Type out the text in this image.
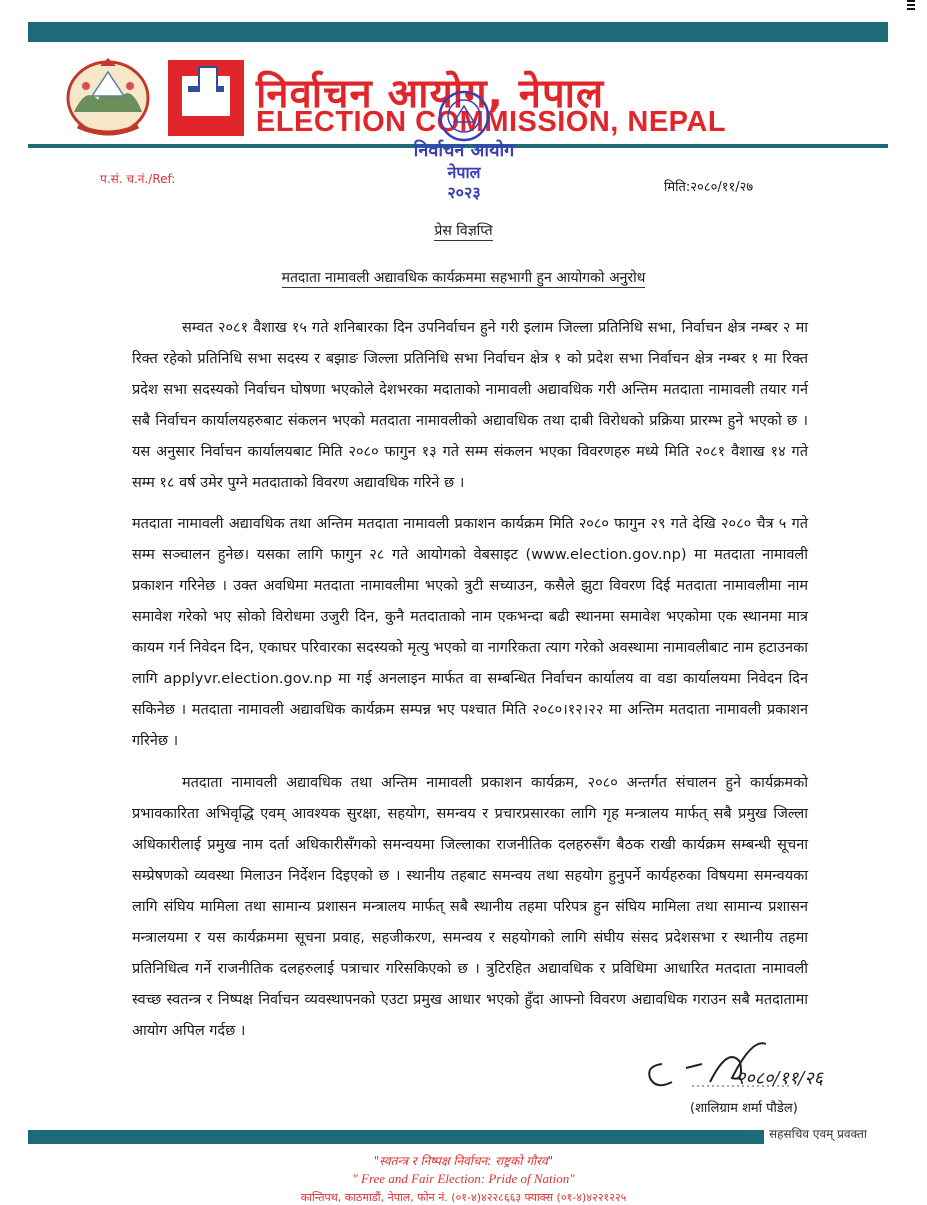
निर्वाचन आयोग, नेपाल
ELECTION COMMISSION, NEPAL
निर्वाचन आयोग
नेपाल
२०२३
प.सं. च.नं./Ref:
मिति:२०८०/११/२७
प्रेस विज्ञप्ति
मतदाता नामावली अद्यावधिक कार्यक्रममा सहभागी हुन आयोगको अनुरोध
सम्वत २०८१ वैशाख १५ गते शनिबारका दिन उपनिर्वाचन हुने गरी इलाम जिल्ला प्रतिनिधि सभा, निर्वाचन क्षेत्र नम्बर २ मा रिक्त रहेको प्रतिनिधि सभा सदस्य र बझाङ जिल्ला प्रतिनिधि सभा निर्वाचन क्षेत्र १ को प्रदेश सभा निर्वाचन क्षेत्र नम्बर १ मा रिक्त प्रदेश सभा सदस्यको निर्वाचन घोषणा भएकोले देशभरका मदाताको नामावली अद्यावधिक गरी अन्तिम मतदाता नामावली तयार गर्न सबै निर्वाचन कार्यालयहरुबाट संकलन भएको मतदाता नामावलीको अद्यावधिक तथा दाबी विरोधको प्रक्रिया प्रारम्भ हुने भएको छ । यस अनुसार निर्वाचन कार्यालयबाट मिति २०८० फागुन १३ गते सम्म संकलन भएका विवरणहरु मध्ये मिति २०८१ वैशाख १४ गते सम्म १८ वर्ष उमेर पुग्ने मतदाताको विवरण अद्यावधिक गरिने छ ।
मतदाता नामावली अद्यावधिक तथा अन्तिम मतदाता नामावली प्रकाशन कार्यक्रम मिति २०८० फागुन २९ गते देखि २०८० चैत्र ५ गते सम्म सञ्चालन हुनेछ। यसका लागि फागुन २८ गते आयोगको वेबसाइट (www.election.gov.np) मा मतदाता नामावली प्रकाशन गरिनेछ । उक्त अवधिमा मतदाता नामावलीमा भएको त्रुटी सच्याउन, कसैले झुटा विवरण दिई मतदाता नामावलीमा नाम समावेश गरेको भए सोको विरोधमा उजुरी दिन, कुनै मतदाताको नाम एकभन्दा बढी स्थानमा समावेश भएकोमा एक स्थानमा मात्र कायम गर्न निवेदन दिन, एकाघर परिवारका सदस्यको मृत्यु भएको वा नागरिकता त्याग गरेको अवस्थामा नामावलीबाट नाम हटाउनका लागि applyvr.election.gov.np मा गई अनलाइन मार्फत वा सम्बन्धित निर्वाचन कार्यालय वा वडा कार्यालयमा निवेदन दिन सकिनेछ । मतदाता नामावली अद्यावधिक कार्यक्रम सम्पन्न भए पश्चात मिति २०८०।१२।२२ मा अन्तिम मतदाता नामावली प्रकाशन गरिनेछ ।
मतदाता नामावली अद्यावधिक तथा अन्तिम नामावली प्रकाशन कार्यक्रम, २०८० अन्तर्गत संचालन हुने कार्यक्रमको प्रभावकारिता अभिवृद्धि एवम् आवश्यक सुरक्षा, सहयोग, समन्वय र प्रचारप्रसारका लागि गृह मन्त्रालय मार्फत् सबै प्रमुख जिल्ला अधिकारीलाई प्रमुख नाम दर्ता अधिकारीसँगको समन्वयमा जिल्लाका राजनीतिक दलहरुसँग बैठक राखी कार्यक्रम सम्बन्धी सूचना सम्प्रेषणको व्यवस्था मिलाउन निर्देशन दिइएको छ । स्थानीय तहबाट समन्वय तथा सहयोग हुनुपर्ने कार्यहरुका विषयमा समन्वयका लागि संघिय मामिला तथा सामान्य प्रशासन मन्त्रालय मार्फत् सबै स्थानीय तहमा परिपत्र हुन संघिय मामिला तथा सामान्य प्रशासन मन्त्रालयमा र यस कार्यक्रममा सूचना प्रवाह, सहजीकरण, समन्वय र सहयोगको लागि संघीय संसद प्रदेशसभा र स्थानीय तहमा प्रतिनिधित्व गर्ने राजनीतिक दलहरुलाई पत्राचार गरिसकिएको छ । त्रुटिरहित अद्यावधिक र प्रविधिमा आधारित मतदाता नामावली स्वच्छ स्वतन्त्र र निष्पक्ष निर्वाचन व्यवस्थापनको एउटा प्रमुख आधार भएको हुँदा आफ्नो विवरण अद्यावधिक गराउन सबै मतदातामा आयोग अपिल गर्दछ ।
२०८०/११/२६
(शालिग्राम शर्मा पौडेल)
सहसचिव एवम् प्रवक्ता
"स्वतन्त्र र निष्पक्ष निर्वाचन: राष्ट्रको गौरव"
" Free and Fair Election: Pride of Nation"
कान्तिपथ, काठमाडौं, नेपाल, फोन नं. (०१-४)४२२८६६३ फ्याक्स (०१-४)४२२१२२५
